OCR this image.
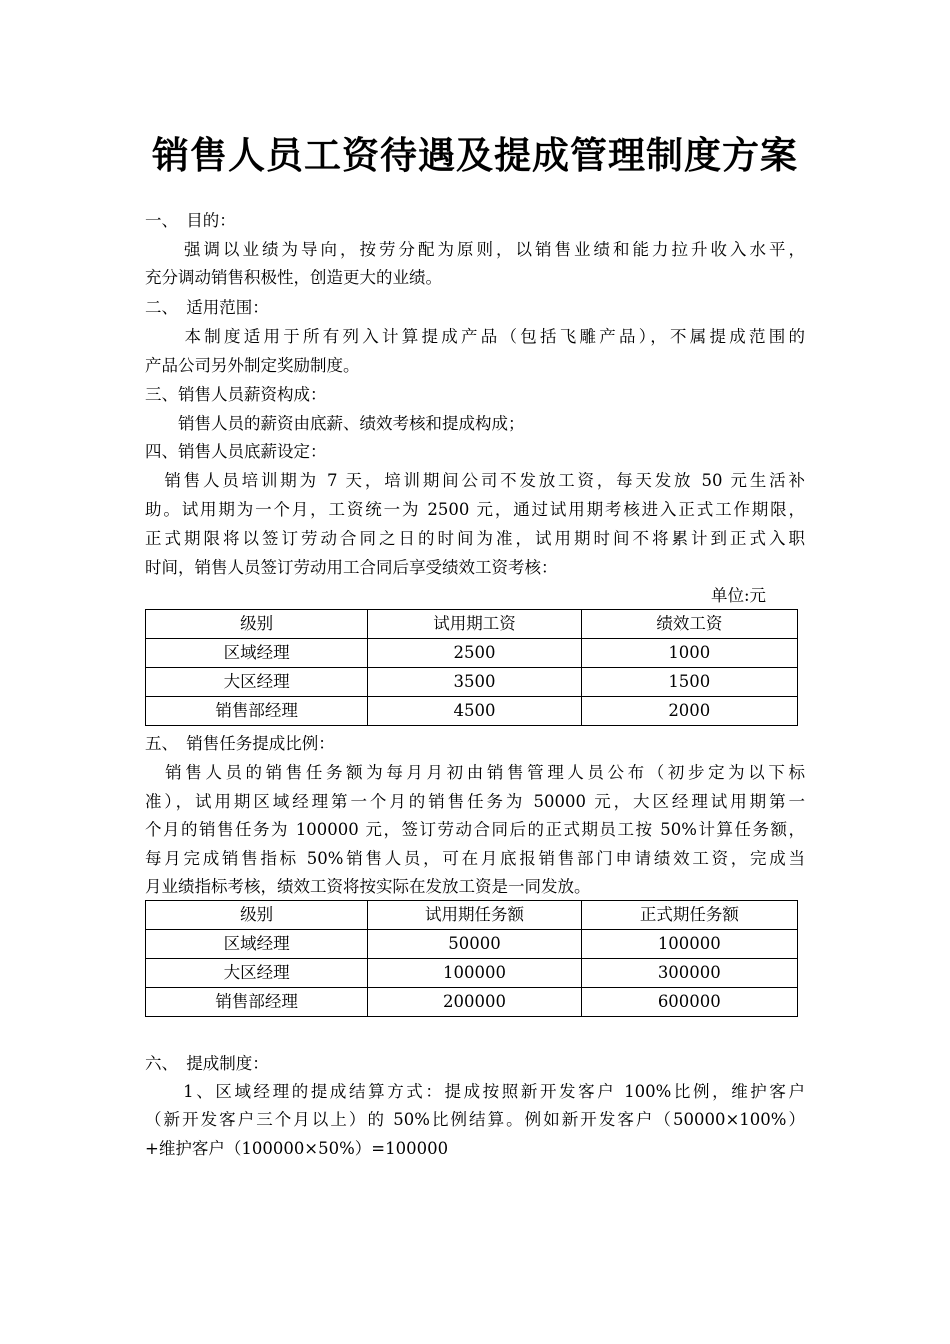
销售人员工资待遇及提成管理制度方案
一、　目的：
　　强调以业绩为导向，按劳分配为原则，以销售业绩和能力拉升收入水平，
充分调动销售积极性，创造更大的业绩。
二、　适用范围：
　　本制度适用于所有列入计算提成产品（包括飞雕产品），不属提成范围的
产品公司另外制定奖励制度。
三、销售人员薪资构成：
　　销售人员的薪资由底薪、绩效考核和提成构成；
四、销售人员底薪设定：
　销售人员培训期为 7 天，培训期间公司不发放工资，每天发放 50 元生活补
助。试用期为一个月，工资统一为 2500 元，通过试用期考核进入正式工作期限，
正式期限将以签订劳动合同之日的时间为准，试用期时间不将累计到正式入职
时间，销售人员签订劳动用工合同后享受绩效工资考核：
单位:元
级别	试用期工资	绩效工资
区域经理	2500	1000
大区经理	3500	1500
销售部经理	4500	2000
五、　销售任务提成比例：
　销售人员的销售任务额为每月月初由销售管理人员公布（初步定为以下标
准），试用期区域经理第一个月的销售任务为 50000 元，大区经理试用期第一
个月的销售任务为 100000 元，签订劳动合同后的正式期员工按 50%计算任务额，
每月完成销售指标 50%销售人员，可在月底报销售部门申请绩效工资，完成当
月业绩指标考核，绩效工资将按实际在发放工资是一同发放。
级别	试用期任务额	正式期任务额
区域经理	50000	100000
大区经理	100000	300000
销售部经理	200000	600000
六、　提成制度：
　　1、区域经理的提成结算方式：提成按照新开发客户 100%比例，维护客户
（新开发客户三个月以上）的 50%比例结算。例如新开发客户（50000×100%）
+维护客户（100000×50%）=100000
